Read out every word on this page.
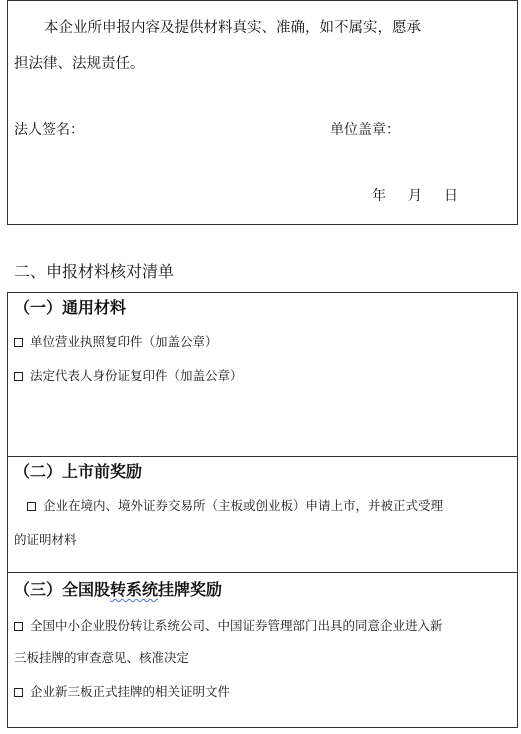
本企业所申报内容及提供材料真实、准确，如不属实，愿承
担法律、法规责任。
法人签名：	单位盖章：
年　月　日
二、申报材料核对清单
（一）通用材料
单位营业执照复印件（加盖公章）
法定代表人身份证复印件（加盖公章）
（二）上市前奖励
企业在境内、境外证券交易所（主板或创业板）申请上市，并被正式受理
的证明材料
（三）全国股转系统挂牌奖励
全国中小企业股份转让系统公司、中国证券管理部门出具的同意企业进入新
三板挂牌的审查意见、核准决定
企业新三板正式挂牌的相关证明文件
